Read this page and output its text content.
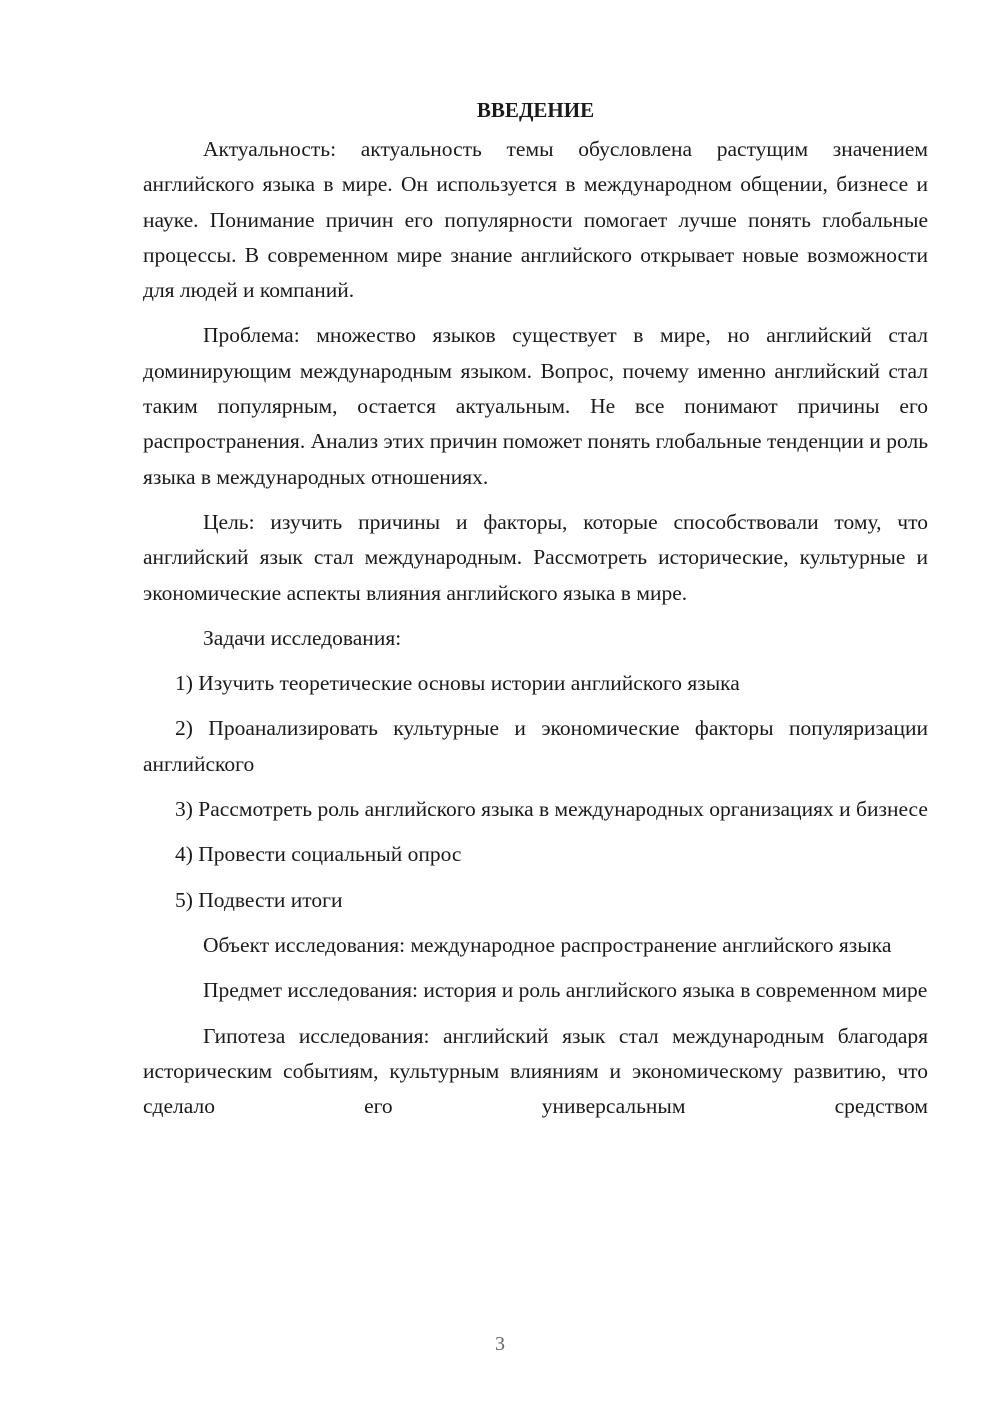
ВВЕДЕНИЕ

Актуальность: актуальность темы обусловлена растущим значением английского языка в мире. Он используется в международном общении, бизнесе и науке. Понимание причин его популярности помогает лучше понять глобальные процессы. В современном мире знание английского открывает новые возможности для людей и компаний.

Проблема: множество языков существует в мире, но английский стал доминирующим международным языком. Вопрос, почему именно английский стал таким популярным, остается актуальным. Не все понимают причины его распространения. Анализ этих причин поможет понять глобальные тенденции и роль языка в международных отношениях.

Цель: изучить причины и факторы, которые способствовали тому, что английский язык стал международным. Рассмотреть исторические, культурные и экономические аспекты влияния английского языка в мире.

Задачи исследования:

1) Изучить теоретические основы истории английского языка

2) Проанализировать культурные и экономические факторы популяризации английского

3) Рассмотреть роль английского языка в международных организациях и бизнесе

4) Провести социальный опрос

5) Подвести итоги

Объект исследования: международное распространение английского языка

Предмет исследования: история и роль английского языка в современном мире

Гипотеза исследования: английский язык стал международным благодаря историческим событиям, культурным влияниям и экономическому развитию, что сделало его универсальным средством

3
